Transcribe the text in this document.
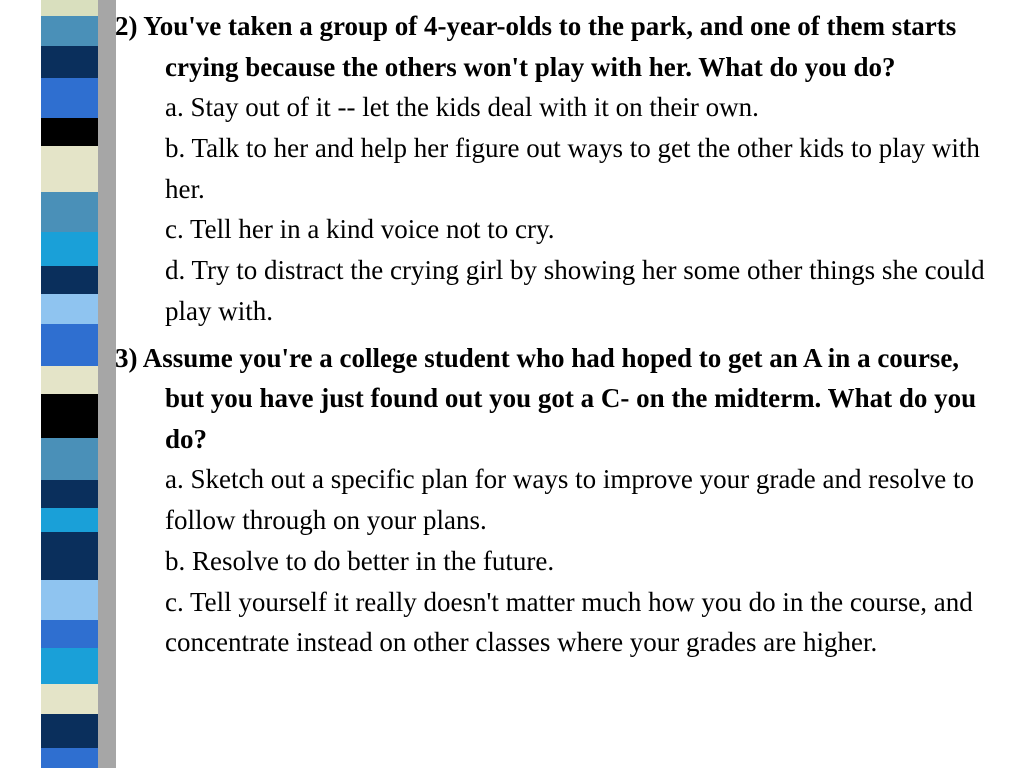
2) You've taken a group of 4-year-olds to the park, and one of them starts crying because the others won't play with her. What do you do?

a. Stay out of it -- let the kids deal with it on their own.

b. Talk to her and help her figure out ways to get the other kids to play with her.

c. Tell her in a kind voice not to cry.

d. Try to distract the crying girl by showing her some other things she could play with.

3) Assume you're a college student who had hoped to get an A in a course, but you have just found out you got a C- on the midterm. What do you do?

a. Sketch out a specific plan for ways to improve your grade and resolve to follow through on your plans.

b. Resolve to do better in the future.

c. Tell yourself it really doesn't matter much how you do in the course, and concentrate instead on other classes where your grades are higher.
